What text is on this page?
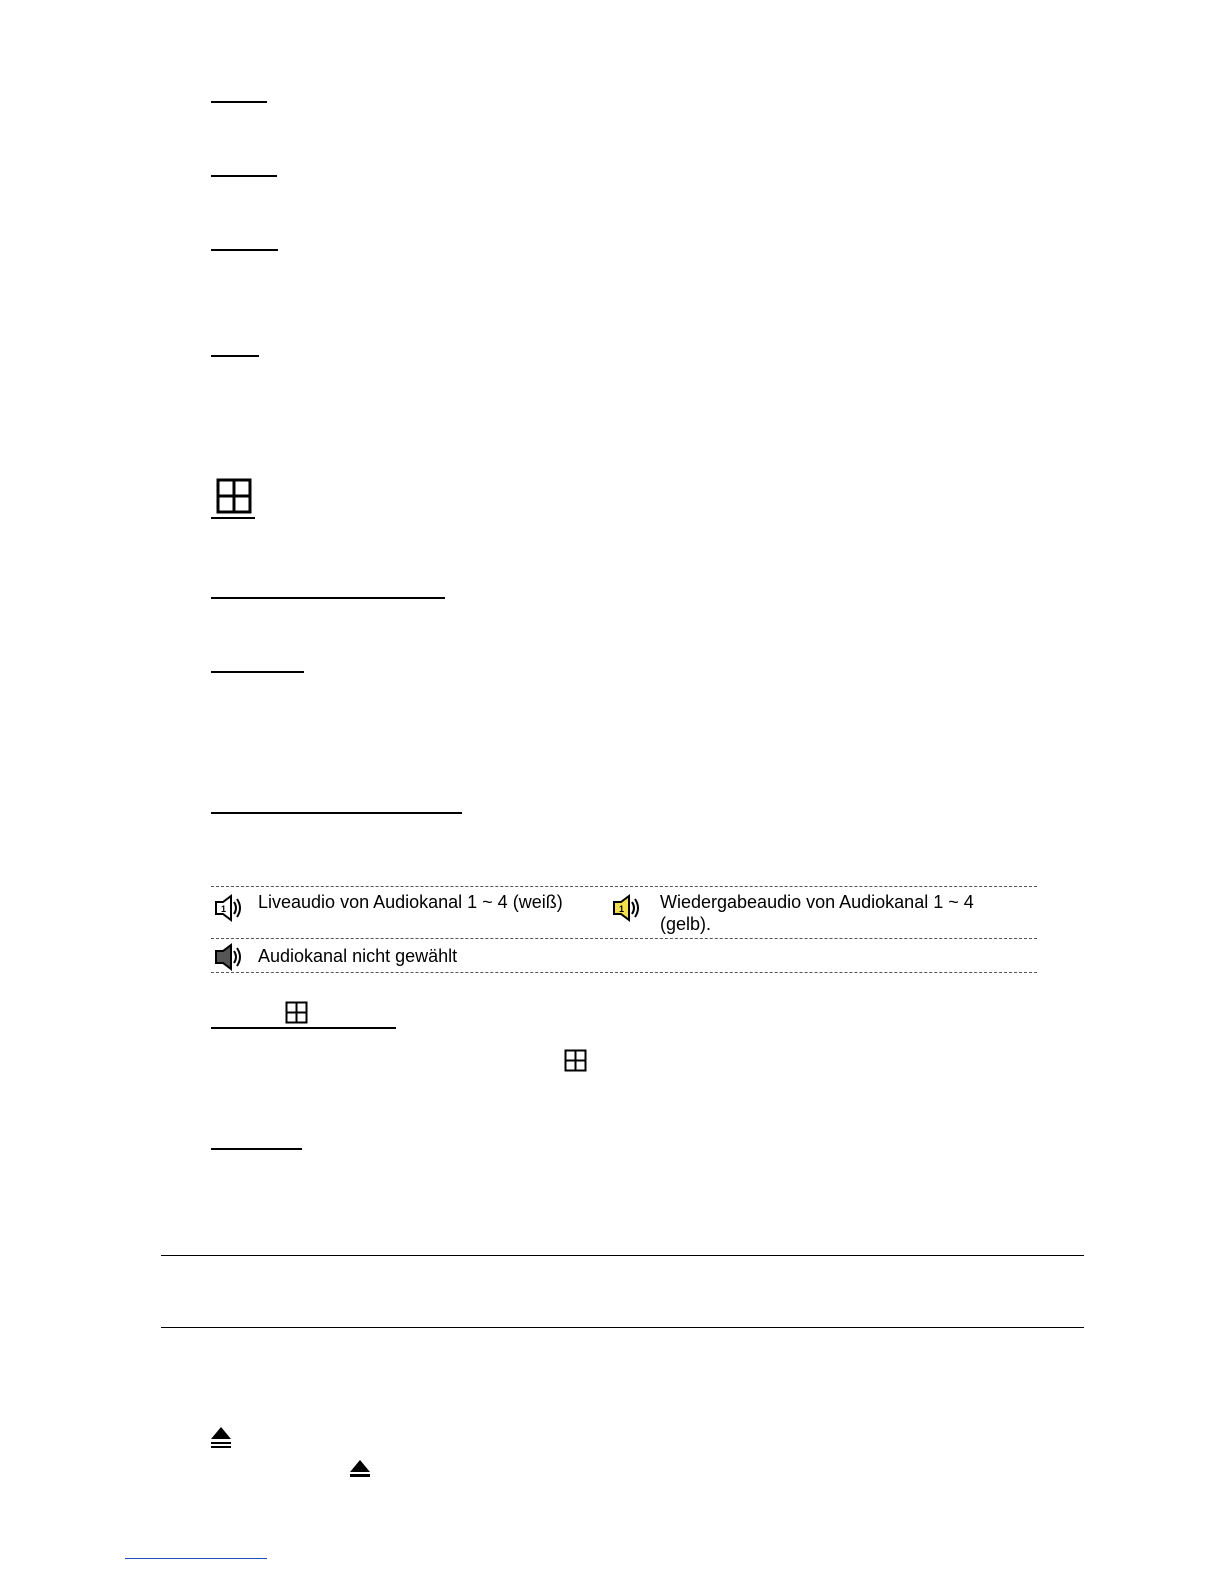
1 Liveaudio von Audiokanal 1 ~ 4 (weiß)	1 Wiedergabeaudio von Audiokanal 1 ~ 4 (gelb).
Audiokanal nicht gewählt
